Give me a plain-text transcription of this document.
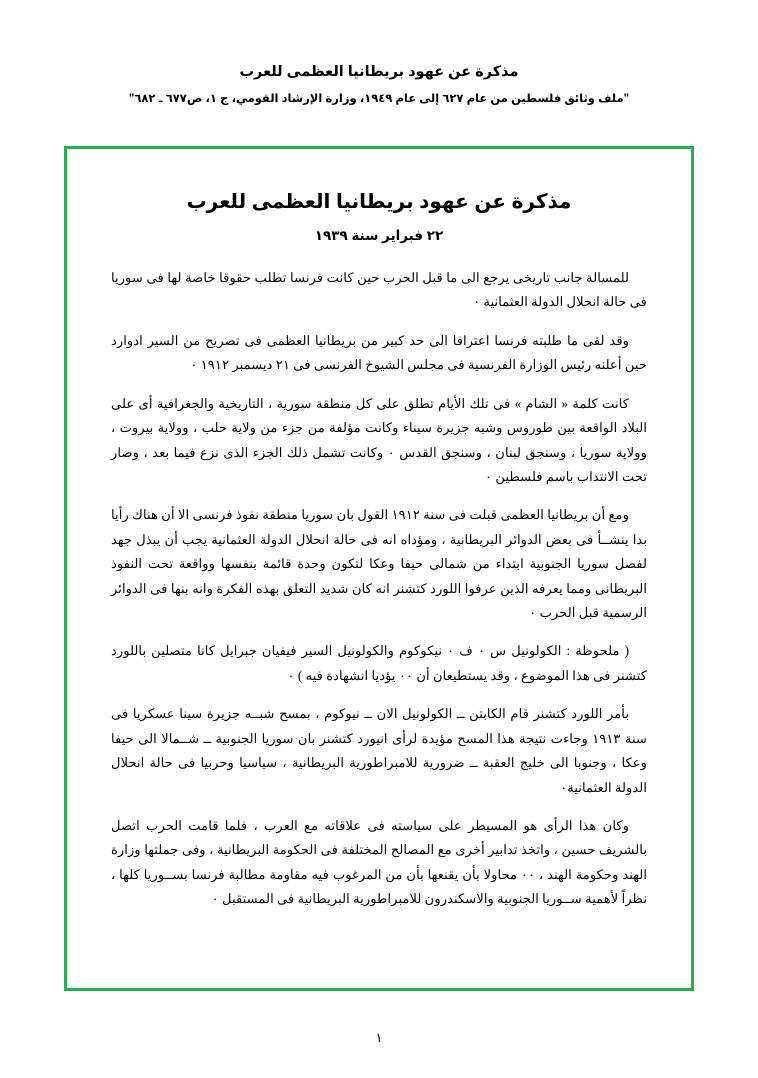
مذكرة عن عهود بريطانيا العظمى للعرب
"ملف وثائق فلسطين من عام ٦٢٧ إلى عام ١٩٤٩، وزارة الإرشاد القومي، ج ١، ص٦٧٧ ـ ٦٨٢"
مذكرة عن عهود بريطانيا العظمى للعرب
٢٢ فبراير سنة ١٩٣٩

للمسالة جانب تاريخى يرجع الى ما قبل الحرب حين كانت فرنسا تطلب حقوقا خاصة لها فى سوريا فى حالة انحلال الدولة العثمانية ٠

وقد لقى ما طلبته فرنسا اعترافا الى حد كبير من بريطانيا العظمى فى تصريح من السير ادوارد حين أعلنه رئيس الوزارة الفرنسية فى مجلس الشيوخ الفرنسى فى ٢١ ديسمبر ١٩١٢ ٠

كانت كلمة « الشام » فى تلك الأيام تطلق على كل منطقة سورية ، التاريخية والجغرافية أى على البلاد الواقعة بين طوروس وشبه جزيرة سيناء وكانت مؤلفة من جزء من ولاية حلب ، وولاية بيروت ، وولاية سوريا ، وسنجق لبنان ، وسنجق القدس ٠ وكانت تشمل ذلك الجزء الذى نزع فيما بعد ، وصار تحت الانتداب باسم فلسطين ٠

ومع أن بريطانيا العظمى قبلت فى سنة ١٩١٢ القول بان سوريا منطقة نفوذ فرنسى الا أن هناك رأيا بدا ينشــأ فى بعض الدوائر البريطانية ، ومؤداه انه فى حالة انحلال الدولة العثمانية يجب أن يبذل جهد لفصل سوريا الجنوبية ابتداء من شمالى حيفا وعكا لتكون وحدة قائمة بنفسها وواقعة تحت النفوذ البريطانى ومما يعرفه الذين عرفوا اللورد كتشنر انه كان شديد التعلق بهذه الفكرة وانه بنها فى الدوائر الرسمية قبل الحرب ٠

( ملحوظة : الكولونيل س ٠ ف ٠ نيكوكوم والكولونيل السير فيفيان جبرايل كانا متصلين باللورد كتشنر فى هذا الموضوع ، وقد يستطيعان أن ٠٠ يؤديا انشهادة فيه ) ٠

بأمر اللورد كتشنر قام الكابتن ــ الكولونيل الان ــ نيوكوم ، بمسح شبــه جزيرة سينا عسكريا فى سنة ١٩١٣ وجاءت نتيجة هذا المسح مؤيدة لرأى انيورد كتشنر بان سوريا الجنوبية ــ شــمالا الى حيفا وعكا ، وجنوبا الى خليج العقبة ــ ضرورية للامبراطورية البريطانية ، سياسيا وحربيا فى حالة انحلال الدولة العثمانية٠

وكان هذا الرأى هو المسيطر على سياسته فى علاقاته مع العرب ، فلما قامت الحرب اتصل بالشريف حسين ، واتخذ تدابير أخرى مع المصالح المختلفة فى الحكومة البريطانية ، وفى جملتها وزارة الهند وحكومة الهند ، ٠٠ محاولا بأن يقنعها بأن من المرغوب فيه مقاومة مطالبة فرنسا بســوريا كلها ، نظراً لأهمية ســوريا الجنوبية والاسكندرون للامبراطورية البريطانية فى المستقبل ٠

١
